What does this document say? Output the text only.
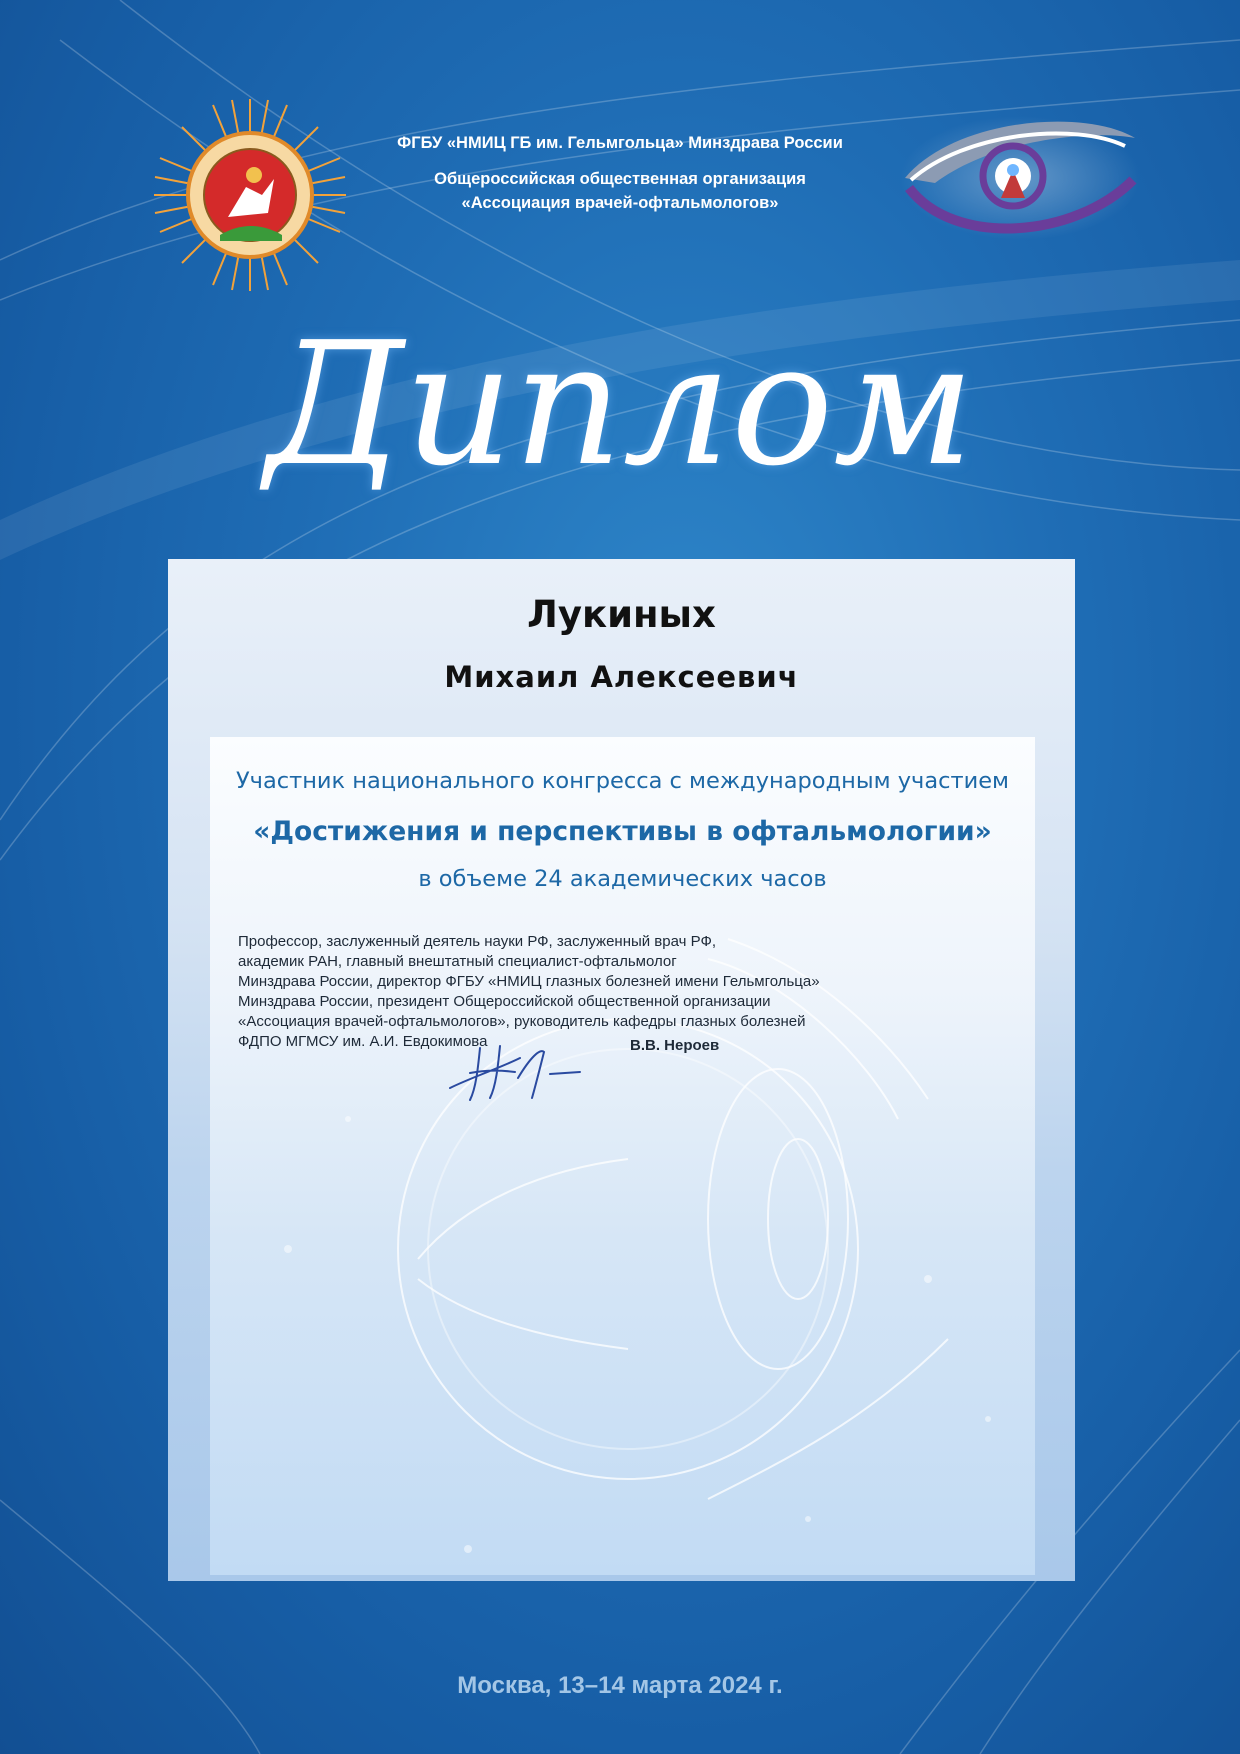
ФГБУ «НМИЦ ГБ им. Гельмгольца» Минздрава России
Общероссийская общественная организация
«Ассоциация врачей-офтальмологов»
Диплом
Лукиных
Михаил Алексеевич
Участник национального конгресса с международным участием
«Достижения и перспективы в офтальмологии»
в объеме 24 академических часов
Профессор, заслуженный деятель науки РФ, заслуженный врач РФ,
академик РАН, главный внештатный специалист-офтальмолог
Минздрава России, директор ФГБУ «НМИЦ глазных болезней имени Гельмгольца»
Минздрава России, президент Общероссийской общественной организации
«Ассоциация врачей-офтальмологов», руководитель кафедры глазных болезней
ФДПО МГМСУ им. А.И. Евдокимова	В.В. Нероев
Москва, 13–14 марта 2024 г.
